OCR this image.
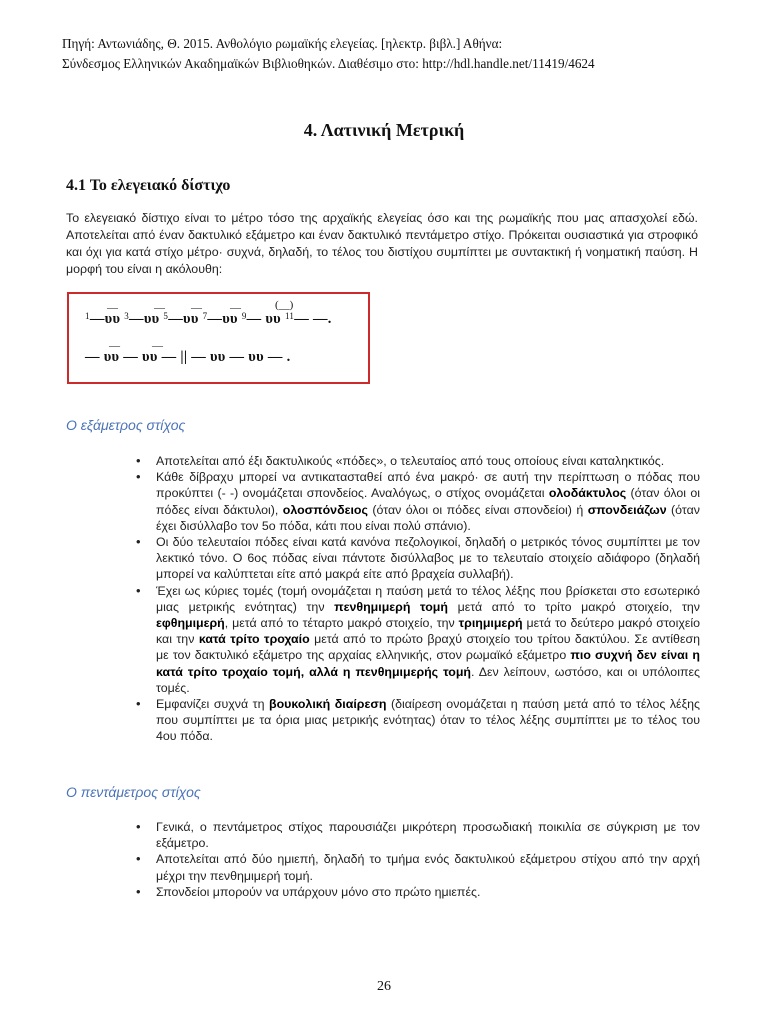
Πηγή: Αντωνιάδης, Θ. 2015. Ανθολόγιο ρωμαϊκής ελεγείας. [ηλεκτρ. βιβλ.] Αθήνα:
Σύνδεσμος Ελληνικών Ακαδημαϊκών Βιβλιοθηκών. Διαθέσιμο στο: http://hdl.handle.net/11419/4624
4. Λατινική Μετρική
4.1 Το ελεγειακό δίστιχο
Το ελεγειακό δίστιχο είναι το μέτρο τόσο της αρχαϊκής ελεγείας όσο και της ρωμαϊκής που μας απασχολεί εδώ. Αποτελείται από έναν δακτυλικό εξάμετρο και έναν δακτυλικό πεντάμετρο στίχο. Πρόκειται ουσιαστικά για στροφικό και όχι για κατά στίχο μέτρο· συχνά, δηλαδή, το τέλος του διστίχου συμπίπτει με συντακτική ή νοηματική παύση. Η μορφή του είναι η ακόλουθη:
—	— —	—	(__)
$^1$—υυ $^3$—υυ $^5$—υυ $^7$—υυ $^9$— υυ $^{11}$— —.
—	—
— υυ — υυ — || — υυ — υυ — .
Ο εξάμετρος στίχος
• Αποτελείται από έξι δακτυλικούς «πόδες», ο τελευταίος από τους οποίους είναι καταληκτικός.
• Κάθε δίβραχυ μπορεί να αντικατασταθεί από ένα μακρό· σε αυτή την περίπτωση ο πόδας που προκύπτει (- -) ονομάζεται σπονδείος. Αναλόγως, ο στίχος ονομάζεται ολοδάκτυλος (όταν όλοι οι πόδες είναι δάκτυλοι), ολοσπόνδειος (όταν όλοι οι πόδες είναι σπονδείοι) ή σπονδειάζων (όταν έχει δισύλλαβο τον 5ο πόδα, κάτι που είναι πολύ σπάνιο).
• Οι δύο τελευταίοι πόδες είναι κατά κανόνα πεζολογικοί, δηλαδή ο μετρικός τόνος συμπίπτει με τον λεκτικό τόνο. Ο 6ος πόδας είναι πάντοτε δισύλλαβος με το τελευταίο στοιχείο αδιάφορο (δηλαδή μπορεί να καλύπτεται είτε από μακρά είτε από βραχεία συλλαβή).
• Έχει ως κύριες τομές (τομή ονομάζεται η παύση μετά το τέλος λέξης που βρίσκεται στο εσωτερικό μιας μετρικής ενότητας) την πενθημιμερή τομή μετά από το τρίτο μακρό στοιχείο, την εφθημιμερή, μετά από το τέταρτο μακρό στοιχείο, την τριημιμερή μετά το δεύτερο μακρό στοιχείο και την κατά τρίτο τροχαίο μετά από το πρώτο βραχύ στοιχείο του τρίτου δακτύλου. Σε αντίθεση με τον δακτυλικό εξάμετρο της αρχαίας ελληνικής, στον ρωμαϊκό εξάμετρο πιο συχνή δεν είναι η κατά τρίτο τροχαίο τομή, αλλά η πενθημιμερής τομή. Δεν λείπουν, ωστόσο, και οι υπόλοιπες τομές.
• Εμφανίζει συχνά τη βουκολική διαίρεση (διαίρεση ονομάζεται η παύση μετά από το τέλος λέξης που συμπίπτει με τα όρια μιας μετρικής ενότητας) όταν το τέλος λέξης συμπίπτει με το τέλος του 4ου πόδα.
Ο πεντάμετρος στίχος
• Γενικά, ο πεντάμετρος στίχος παρουσιάζει μικρότερη προσωδιακή ποικιλία σε σύγκριση με τον εξάμετρο.
• Αποτελείται από δύο ημιεπή, δηλαδή το τμήμα ενός δακτυλικού εξάμετρου στίχου από την αρχή μέχρι την πενθημιμερή τομή.
• Σπονδείοι μπορούν να υπάρχουν μόνο στο πρώτο ημιεπές.
26
